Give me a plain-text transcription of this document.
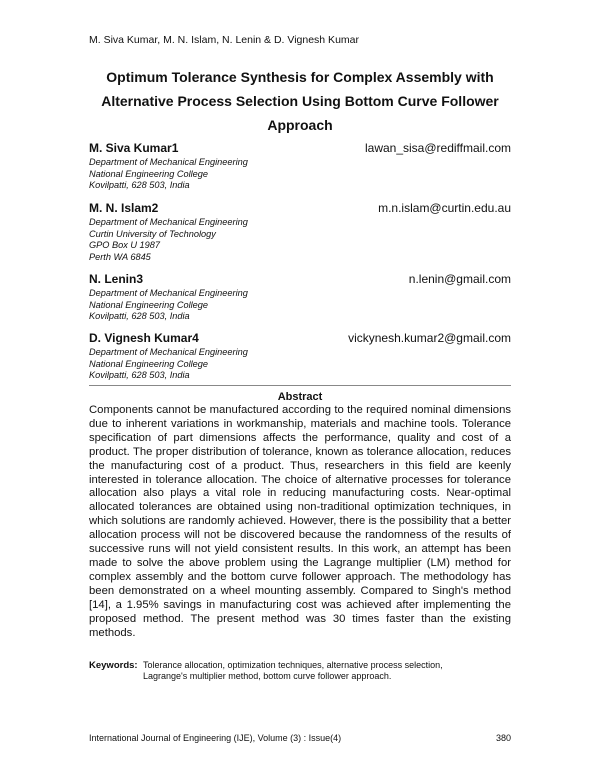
M. Siva Kumar, M. N. Islam, N. Lenin & D. Vignesh Kumar
Optimum Tolerance Synthesis for Complex Assembly with
Alternative Process Selection Using Bottom Curve Follower
Approach
M. Siva Kumar1	lawan_sisa@rediffmail.com
Department of Mechanical Engineering
National Engineering College
Kovilpatti, 628 503, India
M. N. Islam2	m.n.islam@curtin.edu.au
Department of Mechanical Engineering
Curtin University of Technology
GPO Box U 1987
Perth WA 6845
N. Lenin3	n.lenin@gmail.com
Department of Mechanical Engineering
National Engineering College
Kovilpatti, 628 503, India
D. Vignesh Kumar4	vickynesh.kumar2@gmail.com
Department of Mechanical Engineering
National Engineering College
Kovilpatti, 628 503, India
Abstract
Components cannot be manufactured according to the required nominal dimensions due to inherent variations in workmanship, materials and machine tools. Tolerance specification of part dimensions affects the performance, quality and cost of a product. The proper distribution of tolerance, known as tolerance allocation, reduces the manufacturing cost of a product. Thus, researchers in this field are keenly interested in tolerance allocation. The choice of alternative processes for tolerance allocation also plays a vital role in reducing manufacturing costs. Near-optimal allocated tolerances are obtained using non-traditional optimization techniques, in which solutions are randomly achieved. However, there is the possibility that a better allocation process will not be discovered because the randomness of the results of successive runs will not yield consistent results. In this work, an attempt has been made to solve the above problem using the Lagrange multiplier (LM) method for complex assembly and the bottom curve follower approach. The methodology has been demonstrated on a wheel mounting assembly. Compared to Singh's method [14], a 1.95% savings in manufacturing cost was achieved after implementing the proposed method. The present method was 30 times faster than the existing methods.
Keywords: Tolerance allocation, optimization techniques, alternative process selection,
Lagrange's multiplier method, bottom curve follower approach.
International Journal of Engineering (IJE), Volume (3) : Issue(4)	380
